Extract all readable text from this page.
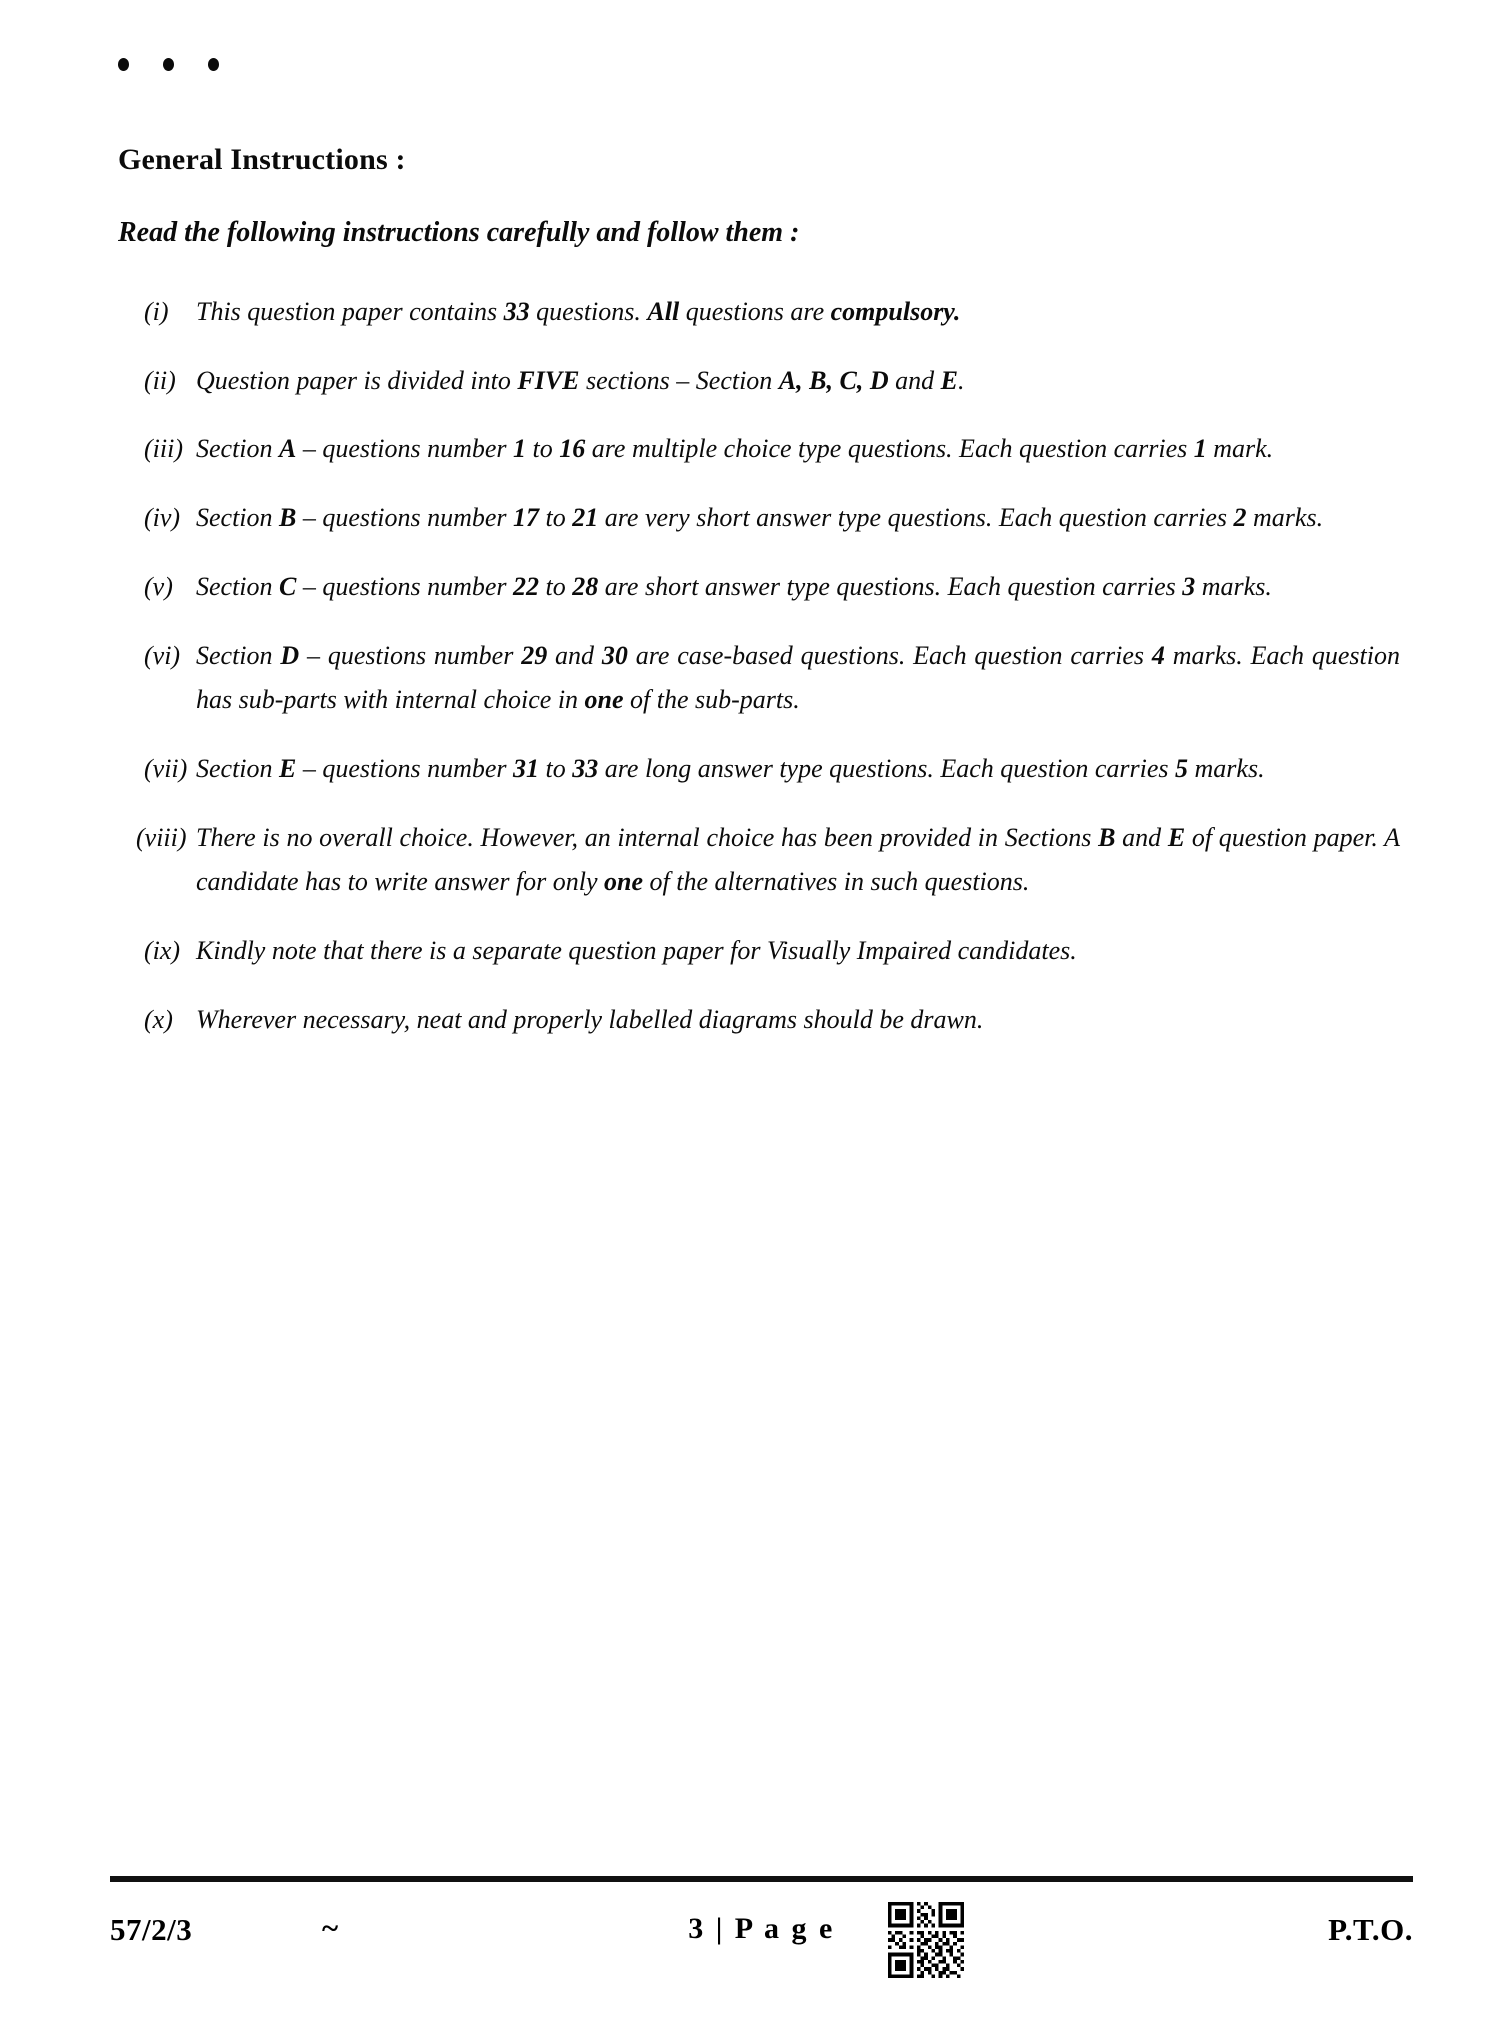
General Instructions :

Read the following instructions carefully and follow them :

(i)	This question paper contains 33 questions. All questions are compulsory.
(ii) Question paper is divided into FIVE sections – Section A, B, C, D and E.
(iii) Section A – questions number 1 to 16 are multiple choice type questions. Each question carries 1 mark.
(iv) Section B – questions number 17 to 21 are very short answer type questions. Each question carries 2 marks.
(v) Section C – questions number 22 to 28 are short answer type questions. Each question carries 3 marks.
(vi) Section D – questions number 29 and 30 are case-based questions. Each question carries 4 marks. Each question has sub-parts with internal choice in one of the sub-parts.
(vii) Section E – questions number 31 to 33 are long answer type questions. Each question carries 5 marks.
(viii) There is no overall choice. However, an internal choice has been provided in Sections B and E of question paper. A candidate has to write answer for only one of the alternatives in such questions.
(ix) Kindly note that there is a separate question paper for Visually Impaired candidates.
(x) Wherever necessary, neat and properly labelled diagrams should be drawn.
57/2/3	~	3 | P a g e	P.T.O.
